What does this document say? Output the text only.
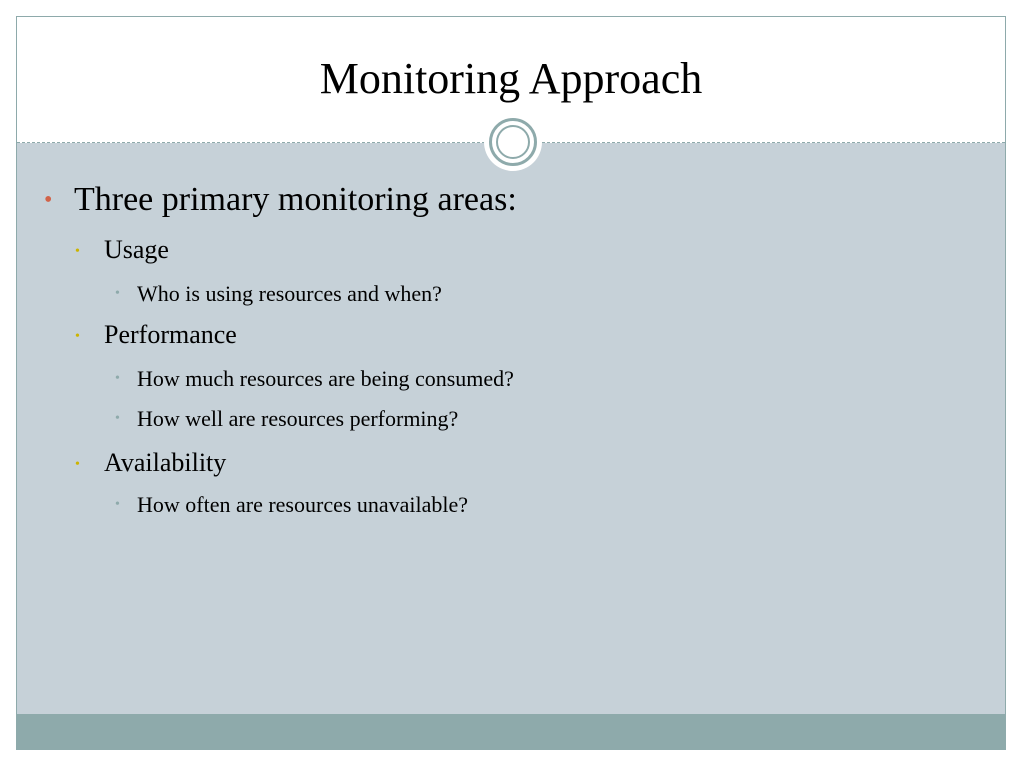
Monitoring Approach
• Three primary monitoring areas:
• Usage
• Who is using resources and when?
• Performance
• How much resources are being consumed?
• How well are resources performing?
• Availability
• How often are resources unavailable?
